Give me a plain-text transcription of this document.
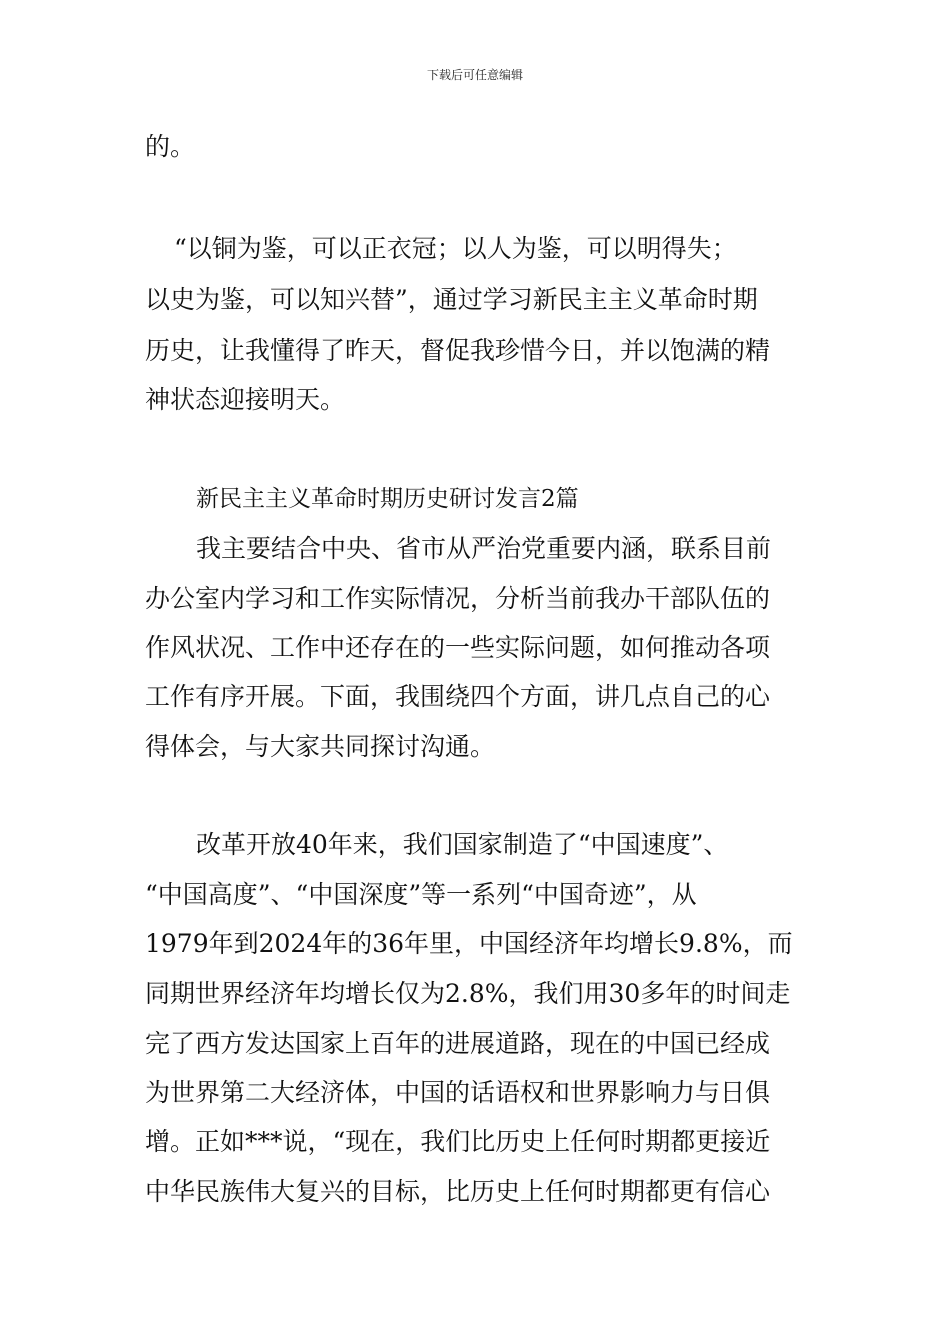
下载后可任意编辑
的。
“以铜为鉴，可以正衣冠；以人为鉴，可以明得失；
以史为鉴，可以知兴替”，通过学习新民主主义革命时期
历史，让我懂得了昨天，督促我珍惜今日，并以饱满的精
神状态迎接明天。
新民主主义革命时期历史研讨发言2篇
我主要结合中央、省市从严治党重要内涵，联系目前
办公室内学习和工作实际情况，分析当前我办干部队伍的
作风状况、工作中还存在的一些实际问题，如何推动各项
工作有序开展。下面，我围绕四个方面，讲几点自己的心
得体会，与大家共同探讨沟通。
改革开放40年来，我们国家制造了“中国速度”、
“中国高度”、“中国深度”等一系列“中国奇迹”，从
1979年到2024年的36年里，中国经济年均增长9.8%，而
同期世界经济年均增长仅为2.8%，我们用30多年的时间走
完了西方发达国家上百年的进展道路，现在的中国已经成
为世界第二大经济体，中国的话语权和世界影响力与日俱
增。正如***说，“现在，我们比历史上任何时期都更接近
中华民族伟大复兴的目标，比历史上任何时期都更有信心
